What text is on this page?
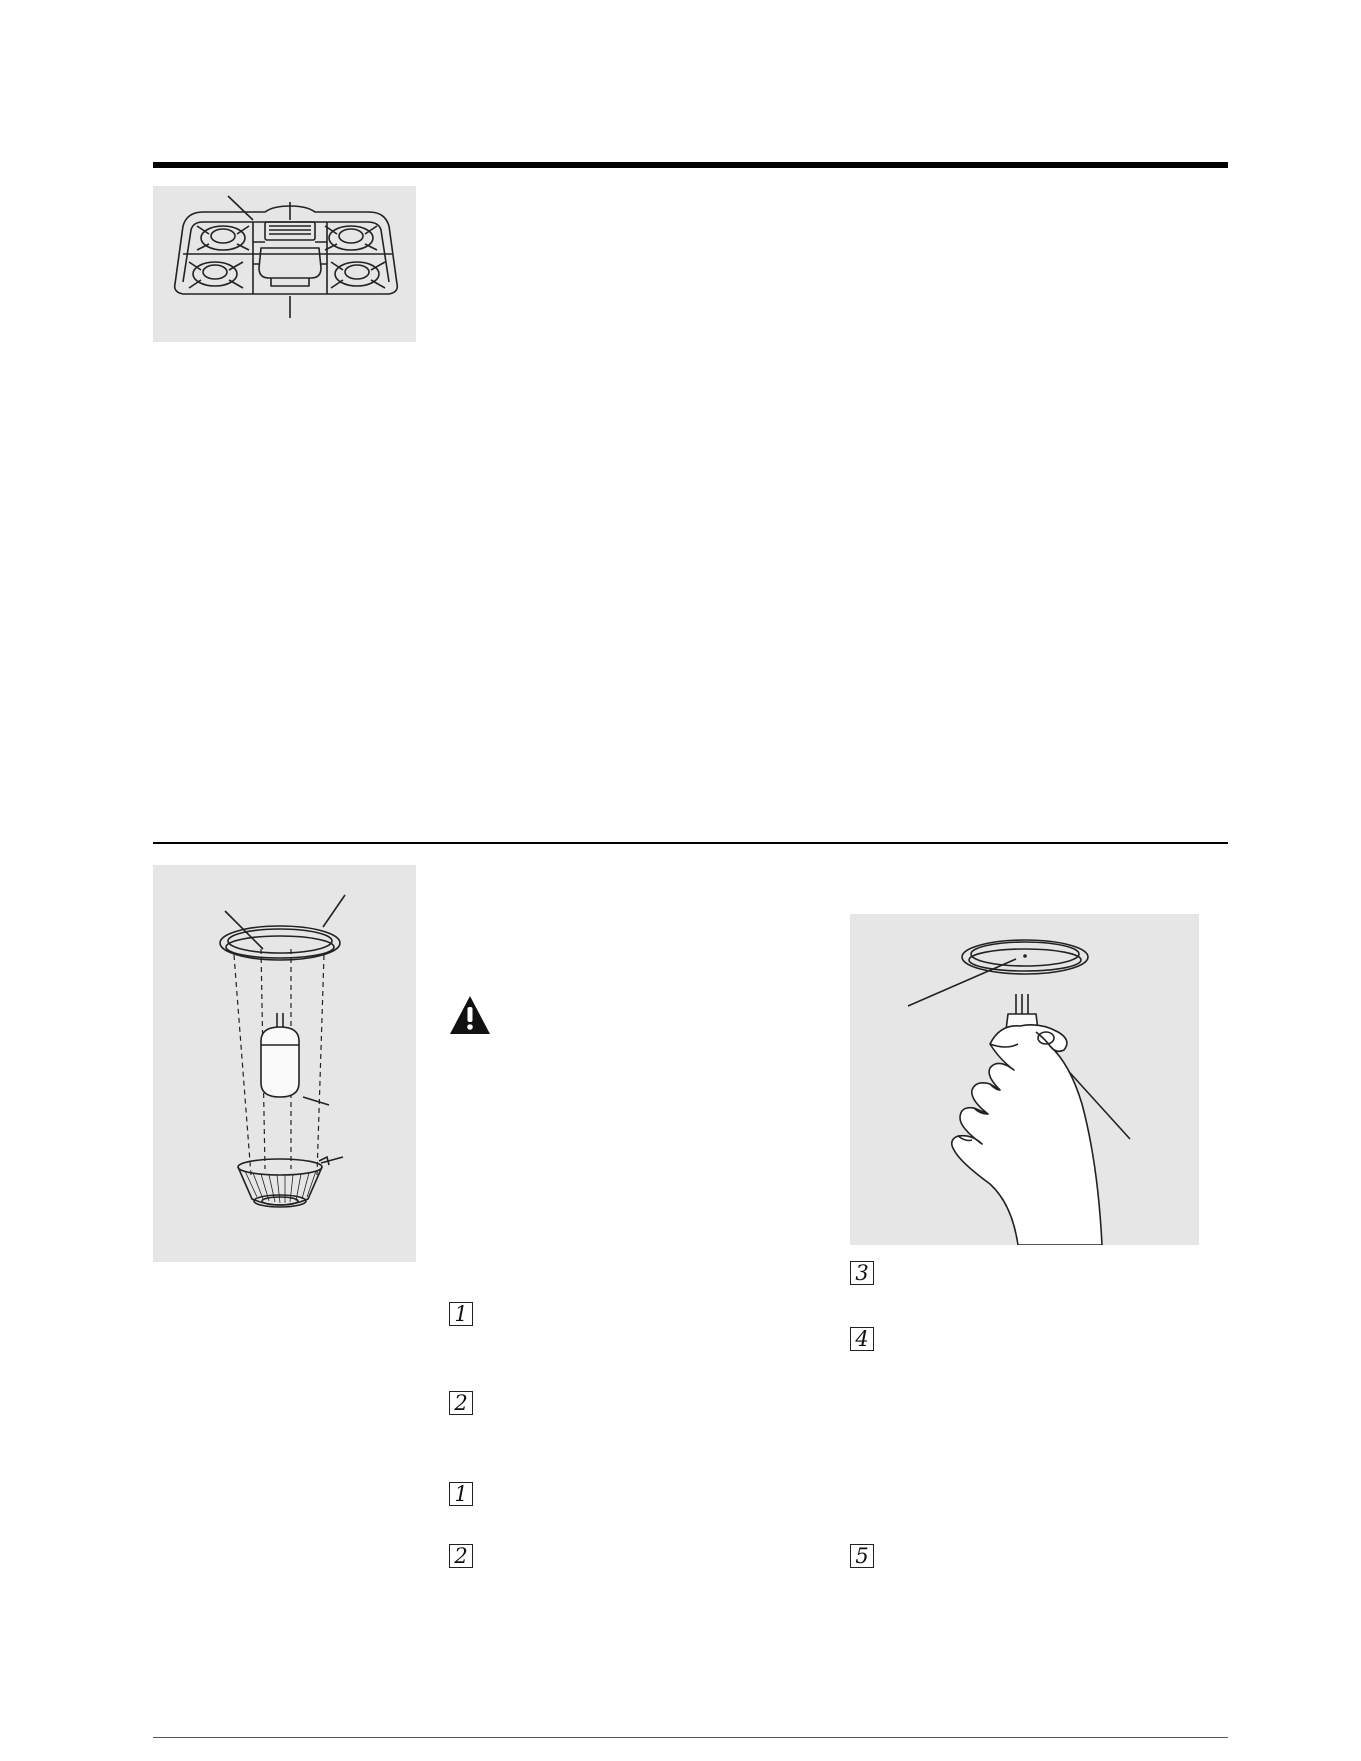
1
2
1
2
3
4
5
